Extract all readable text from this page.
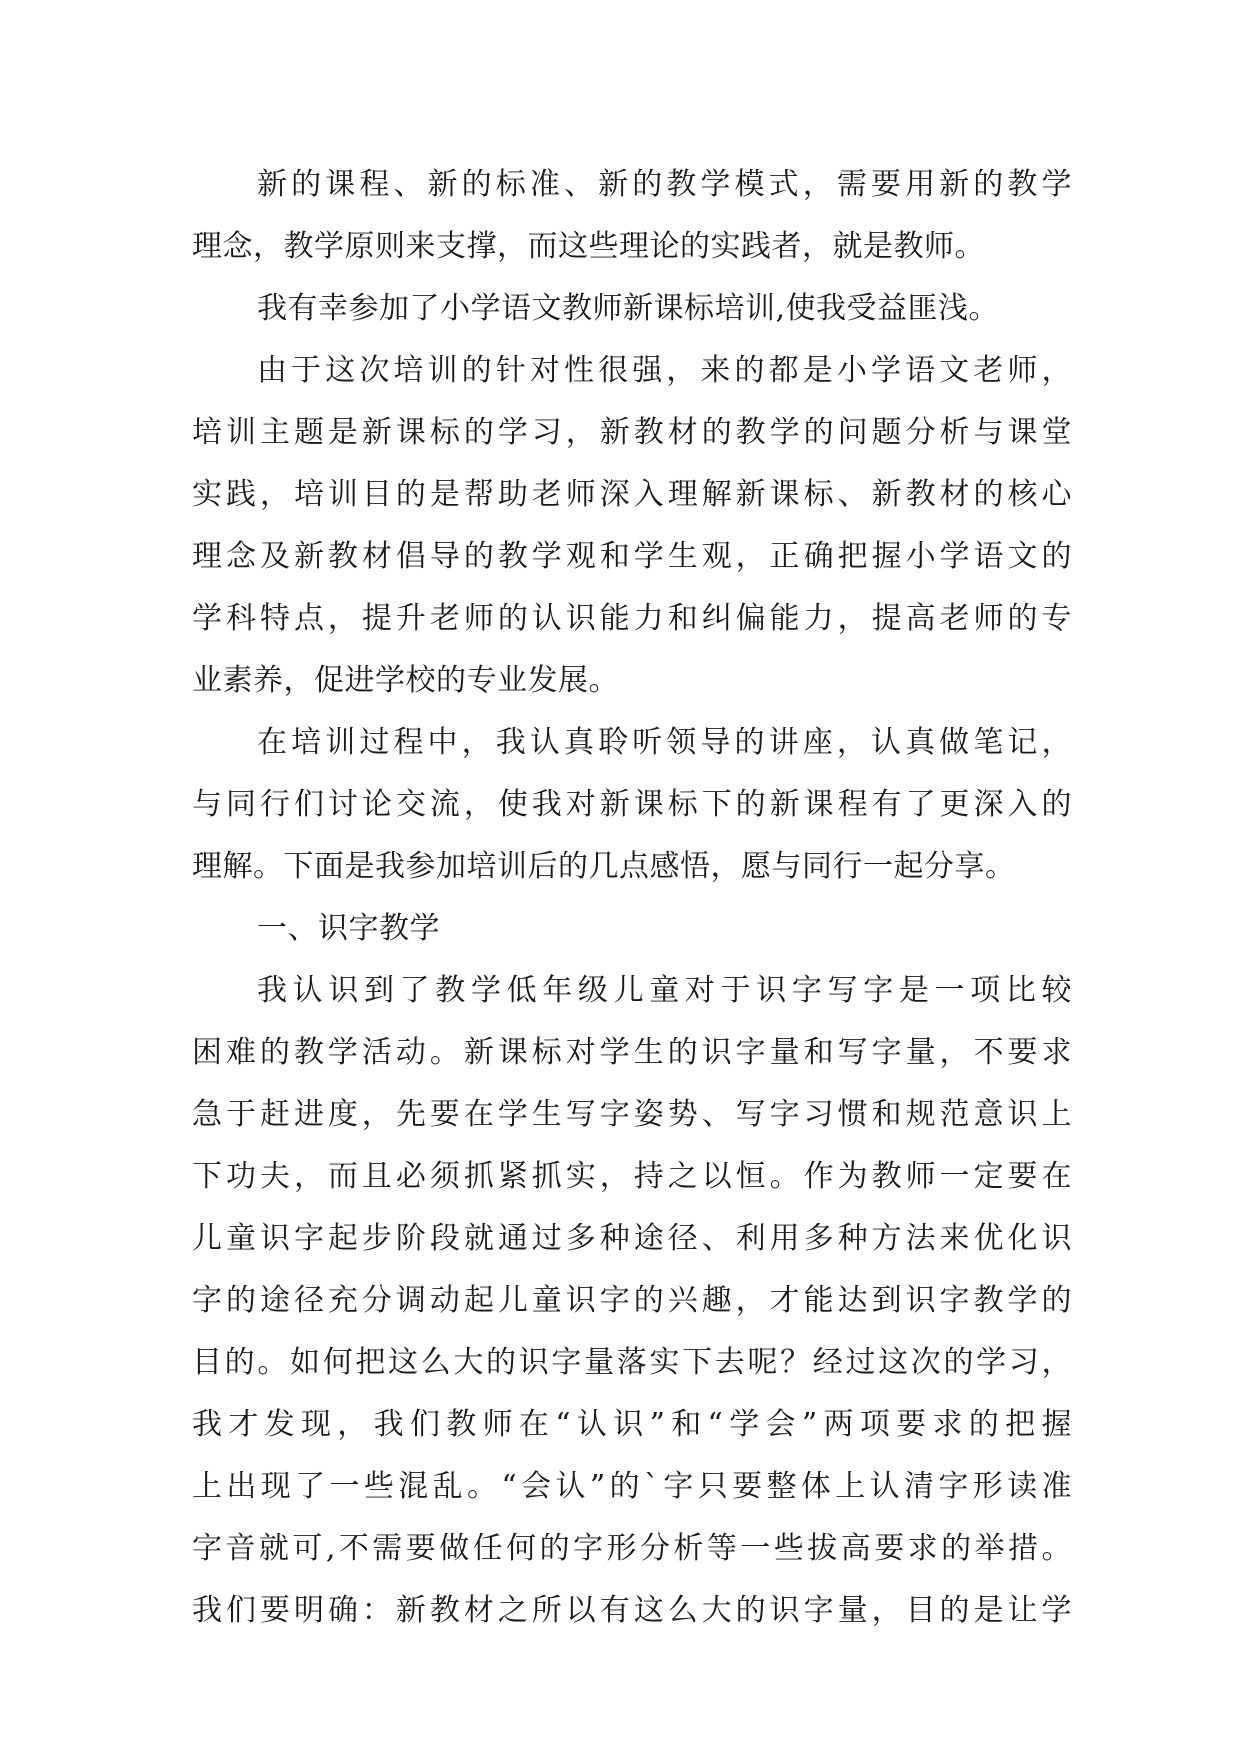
新的课程、新的标准、新的教学模式，需要用新的教学
理念，教学原则来支撑，而这些理论的实践者，就是教师。
我有幸参加了小学语文教师新课标培训,使我受益匪浅。
由于这次培训的针对性很强，来的都是小学语文老师，
培训主题是新课标的学习，新教材的教学的问题分析与课堂
实践，培训目的是帮助老师深入理解新课标、新教材的核心
理念及新教材倡导的教学观和学生观，正确把握小学语文的
学科特点，提升老师的认识能力和纠偏能力，提高老师的专
业素养，促进学校的专业发展。
在培训过程中，我认真聆听领导的讲座，认真做笔记，
与同行们讨论交流，使我对新课标下的新课程有了更深入的
理解。下面是我参加培训后的几点感悟，愿与同行一起分享。
一、识字教学
我认识到了教学低年级儿童对于识字写字是一项比较
困难的教学活动。新课标对学生的识字量和写字量，不要求
急于赶进度，先要在学生写字姿势、写字习惯和规范意识上
下功夫，而且必须抓紧抓实，持之以恒。作为教师一定要在
儿童识字起步阶段就通过多种途径、利用多种方法来优化识
字的途径充分调动起儿童识字的兴趣，才能达到识字教学的
目的。如何把这么大的识字量落实下去呢？经过这次的学习，
我才发现，我们教师在“认识”和“学会”两项要求的把握
上出现了一些混乱。“会认”的`字只要整体上认清字形读准
字音就可,不需要做任何的字形分析等一些拔高要求的举措。
我们要明确：新教材之所以有这么大的识字量，目的是让学
